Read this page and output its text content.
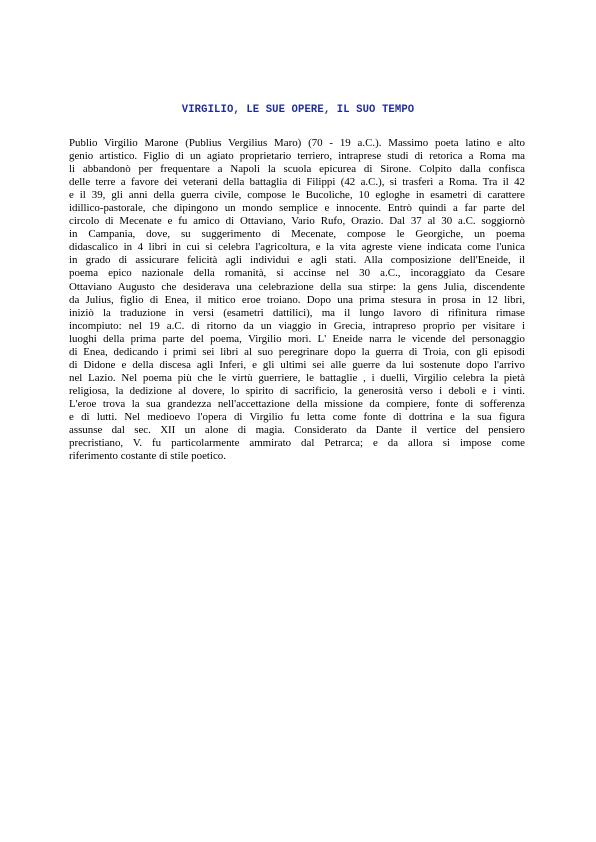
VIRGILIO, LE SUE OPERE, IL SUO TEMPO
Publio Virgilio Marone (Publius Vergilius Maro) (70 - 19 a.C.). Massimo poeta latino e alto
genio artistico. Figlio di un agiato proprietario terriero, intraprese studi di retorica a Roma ma
li abbandonò per frequentare a Napoli la scuola epicurea di Sirone. Colpito dalla confisca
delle terre a favore dei veterani della battaglia di Filippi (42 a.C.), si trasferì a Roma. Tra il 42
e il 39, gli anni della guerra civile, compose le Bucoliche, 10 egloghe in esametri di carattere
idillico-pastorale, che dipingono un mondo semplice e innocente. Entrò quindi a far parte del
circolo di Mecenate e fu amico di Ottaviano, Vario Rufo, Orazio. Dal 37 al 30 a.C. soggiornò
in Campania, dove, su suggerimento di Mecenate, compose le Georgiche, un poema
didascalico in 4 libri in cui si celebra l'agricoltura, e la vita agreste viene indicata come l'unica
in grado di assicurare felicità agli individui e agli stati. Alla composizione dell'Eneide, il
poema epico nazionale della romanità, si accinse nel 30 a.C., incoraggiato da Cesare
Ottaviano Augusto che desiderava una celebrazione della sua stirpe: la gens Julia, discendente
da Julius, figlio di Enea, il mitico eroe troiano. Dopo una prima stesura in prosa in 12 libri,
iniziò la traduzione in versi (esametri dattilici), ma il lungo lavoro di rifinitura rimase
incompiuto: nel 19 a.C. di ritorno da un viaggio in Grecia, intrapreso proprio per visitare i
luoghi della prima parte del poema, Virgilio morì. L' Eneide narra le vicende del personaggio
di Enea, dedicando i primi sei libri al suo peregrinare dopo la guerra di Troia, con gli episodi
di Didone e della discesa agli Inferi, e gli ultimi sei alle guerre da lui sostenute dopo l'arrivo
nel Lazio. Nel poema più che le virtù guerriere, le battaglie , i duelli, Virgilio celebra la pietà
religiosa, la dedizione al dovere, lo spirito di sacrificio, la generosità verso i deboli e i vinti.
L'eroe trova la sua grandezza nell'accettazione della missione da compiere, fonte di sofferenza
e di lutti. Nel medioevo l'opera di Virgilio fu letta come fonte di dottrina e la sua figura
assunse dal sec. XII un alone di magia. Considerato da Dante il vertice del pensiero
precristiano, V. fu particolarmente ammirato dal Petrarca; e da allora si impose come
riferimento costante di stile poetico.
